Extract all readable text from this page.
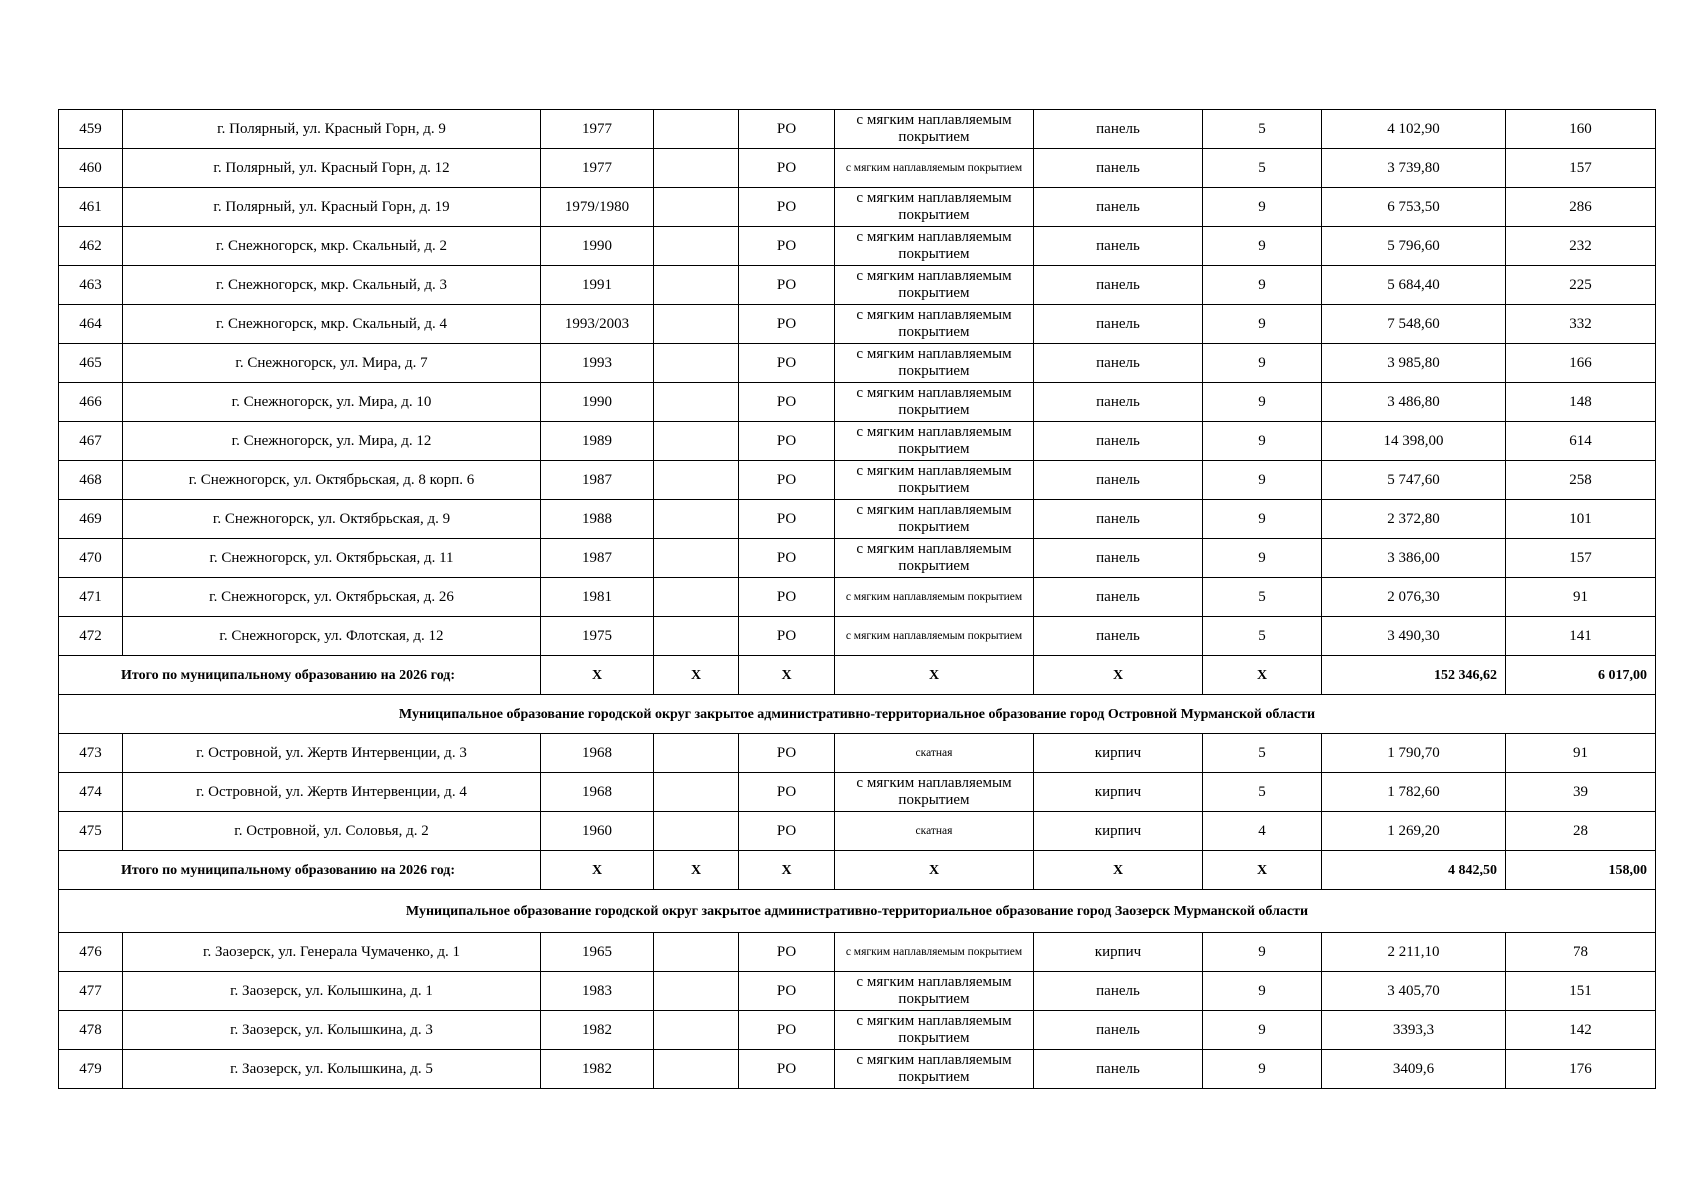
459	г. Полярный, ул. Красный Горн, д. 9	1977		РО	с мягким наплавляемым покрытием	панель	5	4 102,90	160
460	г. Полярный, ул. Красный Горн, д. 12	1977		РО	с мягким наплавляемым покрытием	панель	5	3 739,80	157
461	г. Полярный, ул. Красный Горн, д. 19	1979/1980		РО	с мягким наплавляемым покрытием	панель	9	6 753,50	286
462	г. Снежногорск, мкр. Скальный, д. 2	1990		РО	с мягким наплавляемым покрытием	панель	9	5 796,60	232
463	г. Снежногорск, мкр. Скальный, д. 3	1991		РО	с мягким наплавляемым покрытием	панель	9	5 684,40	225
464	г. Снежногорск, мкр. Скальный, д. 4	1993/2003		РО	с мягким наплавляемым покрытием	панель	9	7 548,60	332
465	г. Снежногорск, ул. Мира, д. 7	1993		РО	с мягким наплавляемым покрытием	панель	9	3 985,80	166
466	г. Снежногорск, ул. Мира, д. 10	1990		РО	с мягким наплавляемым покрытием	панель	9	3 486,80	148
467	г. Снежногорск, ул. Мира, д. 12	1989		РО	с мягким наплавляемым покрытием	панель	9	14 398,00	614
468	г. Снежногорск, ул. Октябрьская, д. 8 корп. 6	1987		РО	с мягким наплавляемым покрытием	панель	9	5 747,60	258
469	г. Снежногорск, ул. Октябрьская, д. 9	1988		РО	с мягким наплавляемым покрытием	панель	9	2 372,80	101
470	г. Снежногорск, ул. Октябрьская, д. 11	1987		РО	с мягким наплавляемым покрытием	панель	9	3 386,00	157
471	г. Снежногорск, ул. Октябрьская, д. 26	1981		РО	с мягким наплавляемым покрытием	панель	5	2 076,30	91
472	г. Снежногорск, ул. Флотская, д. 12	1975		РО	с мягким наплавляемым покрытием	панель	5	3 490,30	141
Итого по муниципальному образованию на 2026 год:		Х	Х	Х	Х	Х	Х	152 346,62	6 017,00
Муниципальное образование городской округ закрытое административно-территориальное образование город Островной Мурманской области									
473	г. Островной, ул. Жертв Интервенции, д. 3	1968		РО	скатная	кирпич	5	1 790,70	91
474	г. Островной, ул. Жертв Интервенции, д. 4	1968		РО	с мягким наплавляемым покрытием	кирпич	5	1 782,60	39
475	г. Островной, ул. Соловья, д. 2	1960		РО	скатная	кирпич	4	1 269,20	28
Итого по муниципальному образованию на 2026 год:		Х	Х	Х	Х	Х	Х	4 842,50	158,00
Муниципальное образование городской округ закрытое административно-территориальное образование город Заозерск Мурманской области									
476	г. Заозерск, ул. Генерала Чумаченко, д. 1	1965		РО	с мягким наплавляемым покрытием	кирпич	9	2 211,10	78
477	г. Заозерск, ул. Колышкина, д. 1	1983		РО	с мягким наплавляемым покрытием	панель	9	3 405,70	151
478	г. Заозерск, ул. Колышкина, д. 3	1982		РО	с мягким наплавляемым покрытием	панель	9	3393,3	142
479	г. Заозерск, ул. Колышкина, д. 5	1982		РО	с мягким наплавляемым покрытием	панель	9	3409,6	176
